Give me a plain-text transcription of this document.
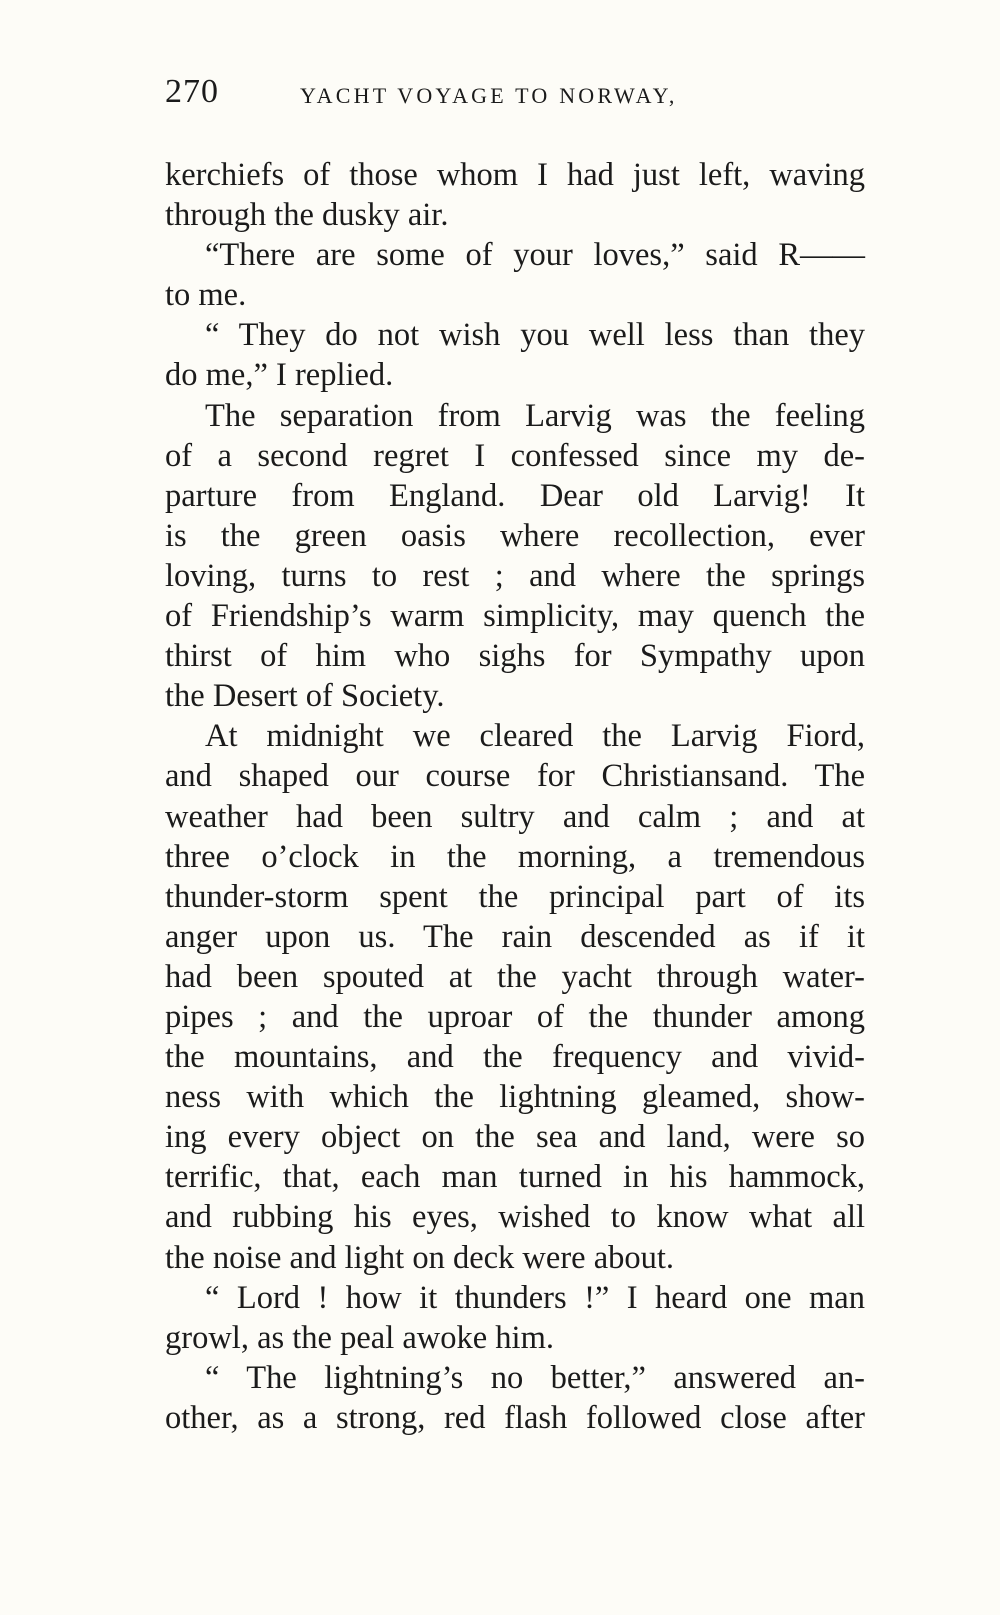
270	YACHT VOYAGE TO NORWAY,
kerchiefs of those whom I had just left, waving
through the dusky air.
“There are some of your loves,” said R——
to me.
“ They do not wish you well less than they
do me,” I replied.
The separation from Larvig was the feeling
of a second regret I confessed since my de-
parture from England. Dear old Larvig! It
is the green oasis where recollection, ever
loving, turns to rest ; and where the springs
of Friendship’s warm simplicity, may quench the
thirst of him who sighs for Sympathy upon
the Desert of Society.
At midnight we cleared the Larvig Fiord,
and shaped our course for Christiansand. The
weather had been sultry and calm ; and at
three o’clock in the morning, a tremendous
thunder-storm spent the principal part of its
anger upon us. The rain descended as if it
had been spouted at the yacht through water-
pipes ; and the uproar of the thunder among
the mountains, and the frequency and vivid-
ness with which the lightning gleamed, show-
ing every object on the sea and land, were so
terrific, that, each man turned in his hammock,
and rubbing his eyes, wished to know what all
the noise and light on deck were about.
“ Lord ! how it thunders !” I heard one man
growl, as the peal awoke him.
“ The lightning’s no better,” answered an-
other, as a strong, red flash followed close after
